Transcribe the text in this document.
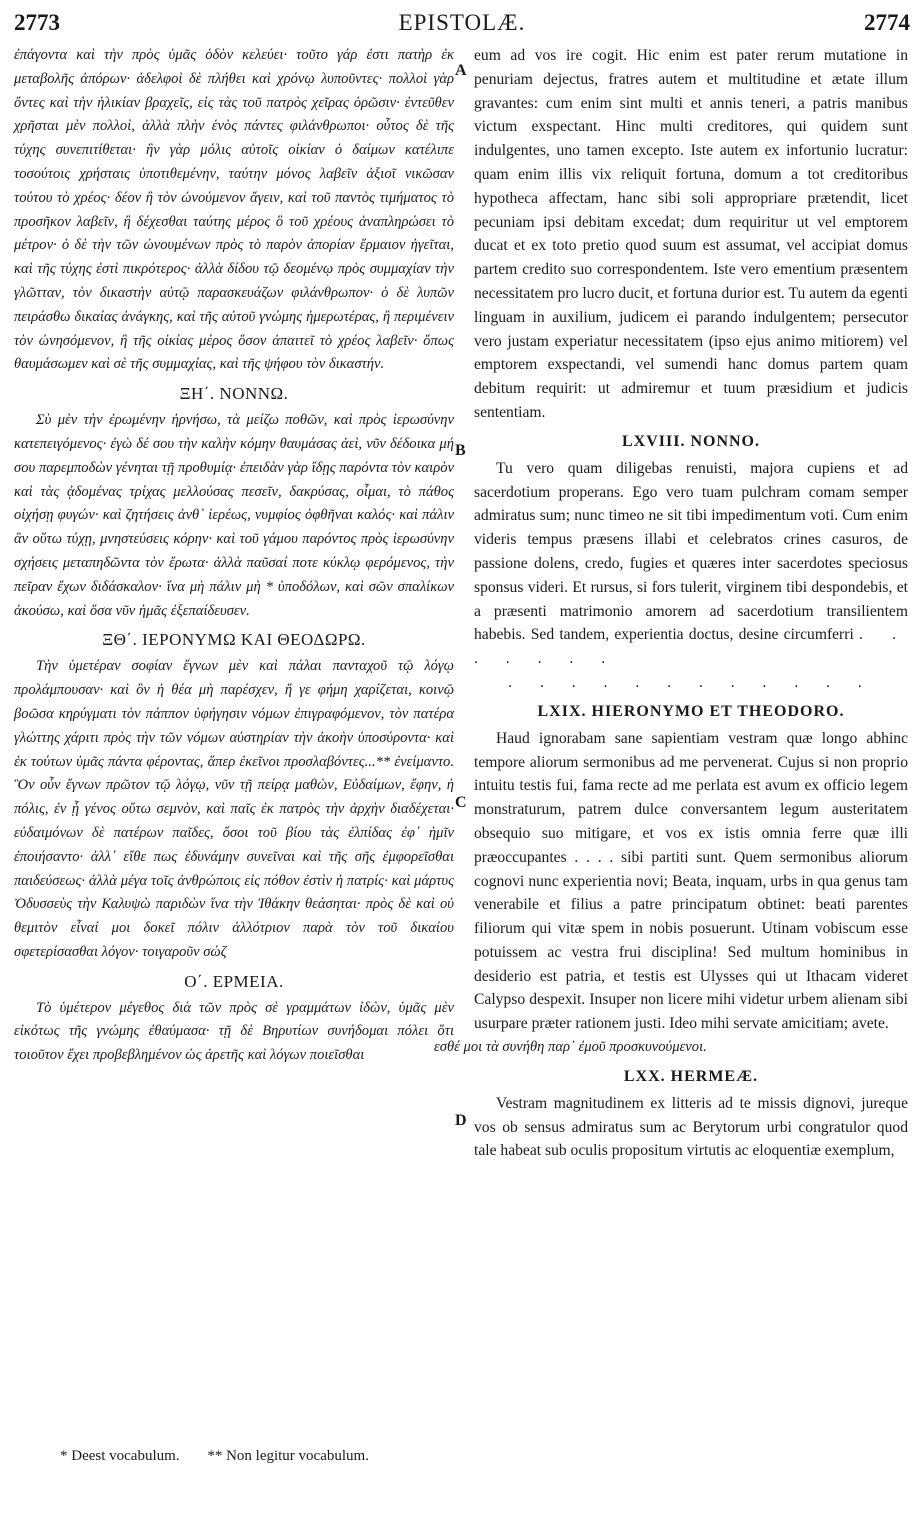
2773	EPISTOLÆ.	2774
A
B
C
D

ἐπάγοντα καὶ τὴν πρὸς ὑμᾶς ὁδὸν κελεύει· τοῦτο γάρ ἐστι πατὴρ ἐκ μεταβολῆς ἀπόρων· ἀδελφοὶ δὲ πλήθει καὶ χρόνῳ λυποῦντες· πολλοὶ γὰρ ὄντες καὶ τὴν ἡλικίαν βραχεῖς, εἰς τὰς τοῦ πατρὸς χεῖρας ὁρῶσιν· ἐντεῦθεν χρῆσται μὲν πολλοὶ, ἀλλὰ πλὴν ἑνὸς πάντες φιλάνθρωποι· οὗτος δὲ τῆς τύχης συνεπιτίθεται· ἣν γὰρ μόλις αὐτοῖς οἰκίαν ὁ δαίμων κατέλιπε τοσούτοις χρήσταις ὑποτιθεμένην, ταύτην μόνος λαβεῖν ἀξιοῖ νικῶσαν τούτου τὸ χρέος· δέον ἢ τὸν ὠνούμενον ἄγειν, καὶ τοῦ παντὸς τιμήματος τὸ προσῆκον λαβεῖν, ἢ δέχεσθαι ταύτης μέρος ὃ τοῦ χρέους ἀναπληρώσει τὸ μέτρον· ὁ δὲ τὴν τῶν ὠνουμένων πρὸς τὸ παρὸν ἀπορίαν ἕρμαιον ἡγεῖται, καὶ τῆς τύχης ἐστὶ πικρότερος· ἀλλὰ δίδου τῷ δεομένῳ πρὸς συμμαχίαν τὴν γλῶτταν, τὸν δικαστὴν αὐτῷ παρασκευάζων φιλάνθρωπον· ὁ δὲ λυπῶν πειράσθω δικαίας ἀνάγκης, καὶ τῆς αὐτοῦ γνώμης ἡμερωτέρας, ἢ περιμένειν τὸν ὠνησόμενον, ἢ τῆς οἰκίας μέρος ὅσον ἀπαιτεῖ τὸ χρέος λαβεῖν· ὅπως θαυμάσωμεν καὶ σὲ τῆς συμμαχίας, καὶ τῆς ψήφου τὸν δικαστήν.

ΞΗ΄. ΝΟΝΝΩ.

Σὺ μὲν τὴν ἐρωμένην ἠρνήσω, τὰ μείζω ποθῶν, καὶ πρὸς ἱερωσύνην κατεπειγόμενος· ἐγὼ δέ σου τὴν καλὴν κόμην θαυμάσας ἀεὶ, νῦν δέδοικα μή σου παρεμποδὼν γένηται τῇ προθυμίᾳ· ἐπειδὰν γὰρ ἴδῃς παρόντα τὸν καιρὸν καὶ τὰς ᾀδομένας τρίχας μελλούσας πεσεῖν, δακρύσας, οἶμαι, τὸ πάθος οἰχήσῃ φυγών· καὶ ζητήσεις ἀνθ᾽ ἱερέως, νυμφίος ὀφθῆναι καλός· καὶ πάλιν ἂν οὕτω τύχῃ, μνηστεύσεις κόρην· καὶ τοῦ γάμου παρόντος πρὸς ἱερωσύνην σχήσεις μεταπηδῶντα τὸν ἔρωτα· ἀλλὰ παῦσαί ποτε κύκλῳ φερόμενος, τὴν πεῖραν ἔχων διδάσκαλον· ἵνα μὴ πάλιν μὴ * ὑποδόλων, καὶ σῶν σπαλίκων ἀκούσω, καὶ ὅσα νῦν ἡμᾶς ἐξεπαίδευσεν.

ΞΘ΄. ΙΕΡΟΝΥΜΩ ΚΑΙ ΘΕΟΔΩΡΩ.

Τὴν ὑμετέραν σοφίαν ἔγνων μὲν καὶ πάλαι πανταχοῦ τῷ λόγῳ προλάμπουσαν· καὶ ὃν ἡ θέα μὴ παρέσχεν, ἥ γε φήμη χαρίζεται, κοινῷ βοῶσα κηρύγματι τὸν πάππον ὑφήγησιν νόμων ἐπιγραφόμενον, τὸν πατέρα γλώττης χάριτι πρὸς τὴν τῶν νόμων αὐστηρίαν τὴν ἀκοὴν ὑποσύροντα· καὶ ἐκ τούτων ὑμᾶς πάντα φέροντας, ἅπερ ἐκεῖνοι προσλαβόντες...** ἐνείμαντο. Ὃν οὖν ἔγνων πρῶτον τῷ λόγῳ, νῦν τῇ πείρᾳ μαθὼν, Εὐδαίμων, ἔφην, ἡ πόλις, ἐν ᾗ γένος οὕτω σεμνὸν, καὶ παῖς ἐκ πατρὸς τὴν ἀρχὴν διαδέχεται· εὐδαιμόνων δὲ πατέρων παῖδες, ὅσοι τοῦ βίου τὰς ἐλπίδας ἐφ᾽ ἡμῖν ἐποιήσαντο· ἀλλ᾽ εἴθε πως ἐδυνάμην συνεῖναι καὶ τῆς σῆς ἐμφορεῖσθαι παιδεύσεως· ἀλλὰ μέγα τοῖς ἀνθρώποις εἰς πόθον ἐστὶν ἡ πατρίς· καὶ μάρτυς Ὀδυσσεὺς τὴν Καλυψὼ παριδὼν ἵνα τὴν Ἰθάκην θεάσηται· πρὸς δὲ καὶ οὐ θεμιτὸν εἶναί μοι δοκεῖ πόλιν ἀλλότριον παρὰ τὸν τοῦ δικαίου σφετερίσασθαι λόγον· τοιγαροῦν σώζ

Ο΄. ΕΡΜΕΙΑ.

Τὸ ὑμέτερον μέγεθος διὰ τῶν πρὸς σὲ γραμμάτων ἰδὼν, ὑμᾶς μὲν εἰκότως τῆς γνώμης ἐθαύμασα· τῇ δὲ Βηρυτίων συνήδομαι πόλει ὅτι τοιοῦτον ἔχει προβεβλημένον ὡς ἀρετῆς καὶ λόγων ποιεῖσθαι

eum ad vos ire cogit. Hic enim est pater rerum mutatione in penuriam dejectus, fratres autem et multitudine et ætate illum gravantes: cum enim sint multi et annis teneri, a patris manibus victum exspectant. Hinc multi creditores, qui quidem sunt indulgentes, uno tamen excepto. Iste autem ex infortunio lucratur: quam enim illis vix reliquit fortuna, domum a tot creditoribus hypotheca affectam, hanc sibi soli appropriare prætendit, licet pecuniam ipsi debitam excedat; dum requiritur ut vel emptorem ducat et ex toto pretio quod suum est assumat, vel accipiat domus partem credito suo correspondentem. Iste vero ementium præsentem necessitatem pro lucro ducit, et fortuna durior est. Tu autem da egenti linguam in auxilium, judicem ei parando indulgentem; persecutor vero justam experiatur necessitatem (ipso ejus animo mitiorem) vel emptorem exspectandi, vel sumendi hanc domus partem quam debitum requirit: ut admiremur et tuum præsidium et judicis sententiam.

LXVIII. NONNO.

Tu vero quam diligebas renuisti, majora cupiens et ad sacerdotium properans. Ego vero tuam pulchram comam semper admiratus sum; nunc timeo ne sit tibi impedimentum voti. Cum enim videris tempus præsens illabi et celebratos crines casuros, de passione dolens, credo, fugies et quæres inter sacerdotes speciosus sponsus videri. Et rursus, si fors tulerit, virginem tibi despondebis, et a præsenti matrimonio amorem ad sacerdotium transilientem habebis. Sed tandem, experientia doctus, desine circumferri . . . . . . .

. . . . . . . . . . . .

LXIX. HIERONYMO ET THEODORO.

Haud ignorabam sane sapientiam vestram quæ longo abhinc tempore aliorum sermonibus ad me pervenerat. Cujus si non proprio intuitu testis fui, fama recte ad me perlata est avum ex officio legem monstraturum, patrem dulce conversantem legum austeritatem obsequio suo mitigare, et vos ex istis omnia ferre quæ illi præoccupantes . . . . sibi partiti sunt. Quem sermonibus aliorum cognovi nunc experientia novi; Beata, inquam, urbs in qua genus tam venerabile et filius a patre principatum obtinet: beati parentes filiorum qui vitæ spem in nobis posuerunt. Utinam vobiscum esse potuissem ac vestra frui disciplina! Sed multum hominibus in desiderio est patria, et testis est Ulysses qui ut Ithacam videret Calypso despexit. Insuper non licere mihi videtur urbem alienam sibi usurpare præter rationem justi. Ideo mihi servate amicitiam; avete.

εσθέ μοι τὰ συνήθη παρ᾽ ἐμοῦ προσκυνούμενοι.

LXX. HERMEÆ.

Vestram magnitudinem ex litteris ad te missis dignovi, jureque vos ob sensus admiratus sum ac Berytorum urbi congratulor quod tale habeat sub oculis propositum virtutis ac eloquentiæ exemplum,

* Deest vocabulum. ** Non legitur vocabulum.
